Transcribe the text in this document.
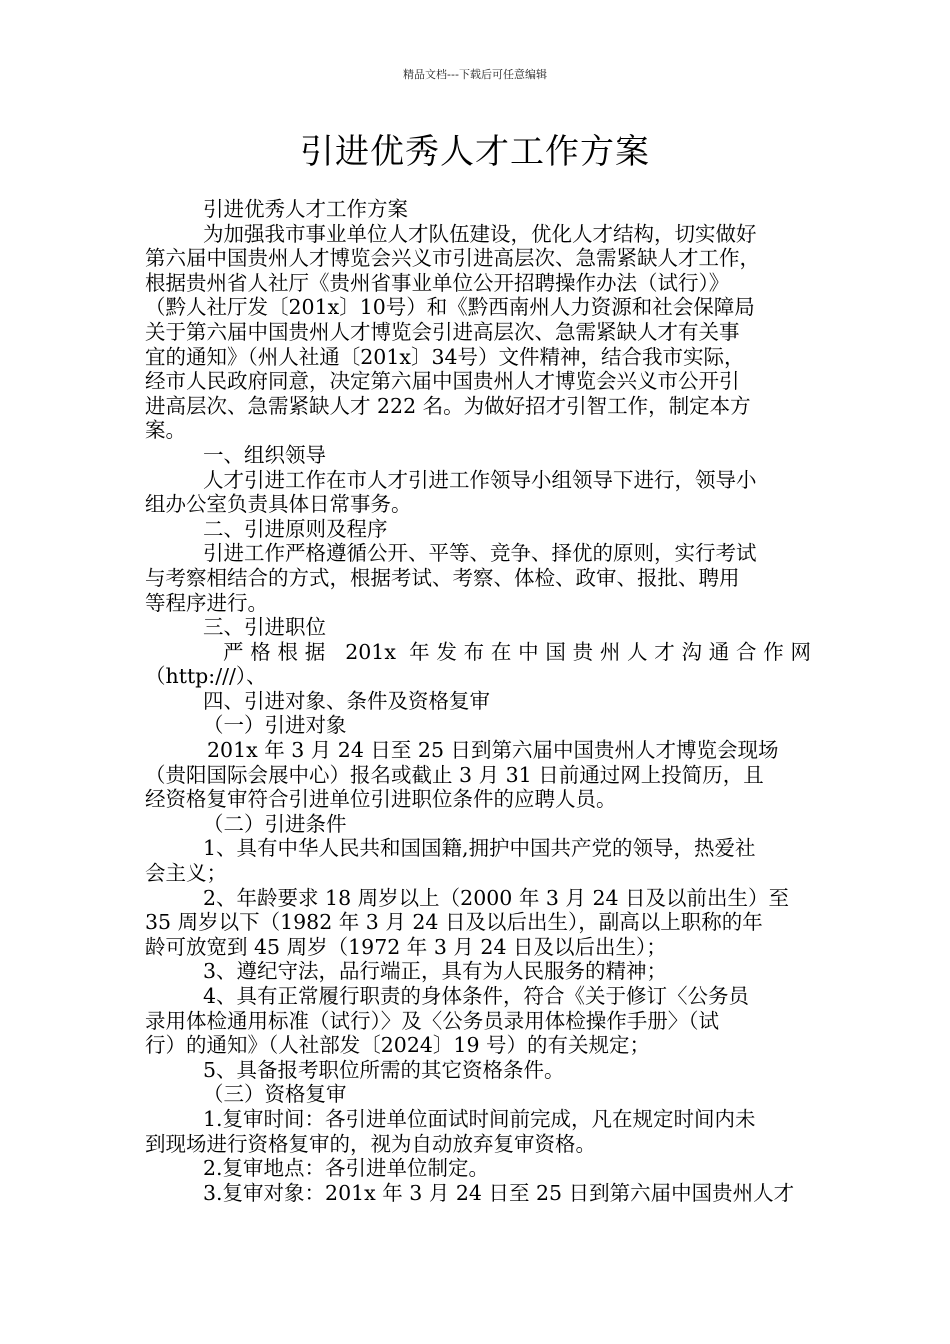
精品文档---下载后可任意编辑
引进优秀人才工作方案
引进优秀人才工作方案
为加强我市事业单位人才队伍建设，优化人才结构，切实做好
第六届中国贵州人才博览会兴义市引进高层次、急需紧缺人才工作，
根据贵州省人社厅《贵州省事业单位公开招聘操作办法（试行）》
（黔人社厅发〔201x〕10号）和《黔西南州人力资源和社会保障局
关于第六届中国贵州人才博览会引进高层次、急需紧缺人才有关事
宜的通知》（州人社通〔201x〕34号）文件精神，结合我市实际，
经市人民政府同意，决定第六届中国贵州人才博览会兴义市公开引
进高层次、急需紧缺人才 222 名。为做好招才引智工作，制定本方
案。
一、组织领导
人才引进工作在市人才引进工作领导小组领导下进行，领导小
组办公室负责具体日常事务。
二、引进原则及程序
引进工作严格遵循公开、平等、竞争、择优的原则，实行考试
与考察相结合的方式，根据考试、考察、体检、政审、报批、聘用
等程序进行。
三、引进职位
严格根据 201x 年发布在中国贵州人才沟通合作网
（http:///）、
四、引进对象、条件及资格复审
（一）引进对象
201x 年 3 月 24 日至 25 日到第六届中国贵州人才博览会现场
（贵阳国际会展中心）报名或截止 3 月 31 日前通过网上投简历，且
经资格复审符合引进单位引进职位条件的应聘人员。
（二）引进条件
1、具有中华人民共和国国籍,拥护中国共产党的领导，热爱社
会主义；
2、年龄要求 18 周岁以上（2000 年 3 月 24 日及以前出生）至
35 周岁以下（1982 年 3 月 24 日及以后出生），副高以上职称的年
龄可放宽到 45 周岁（1972 年 3 月 24 日及以后出生）；
3、遵纪守法，品行端正，具有为人民服务的精神；
4、具有正常履行职责的身体条件，符合《关于修订〈公务员
录用体检通用标准（试行）〉及〈公务员录用体检操作手册〉（试
行）的通知》（人社部发〔2024〕19 号）的有关规定；
5、具备报考职位所需的其它资格条件。
（三）资格复审
1.复审时间：各引进单位面试时间前完成，凡在规定时间内未
到现场进行资格复审的，视为自动放弃复审资格。
2.复审地点：各引进单位制定。
3.复审对象：201x 年 3 月 24 日至 25 日到第六届中国贵州人才
